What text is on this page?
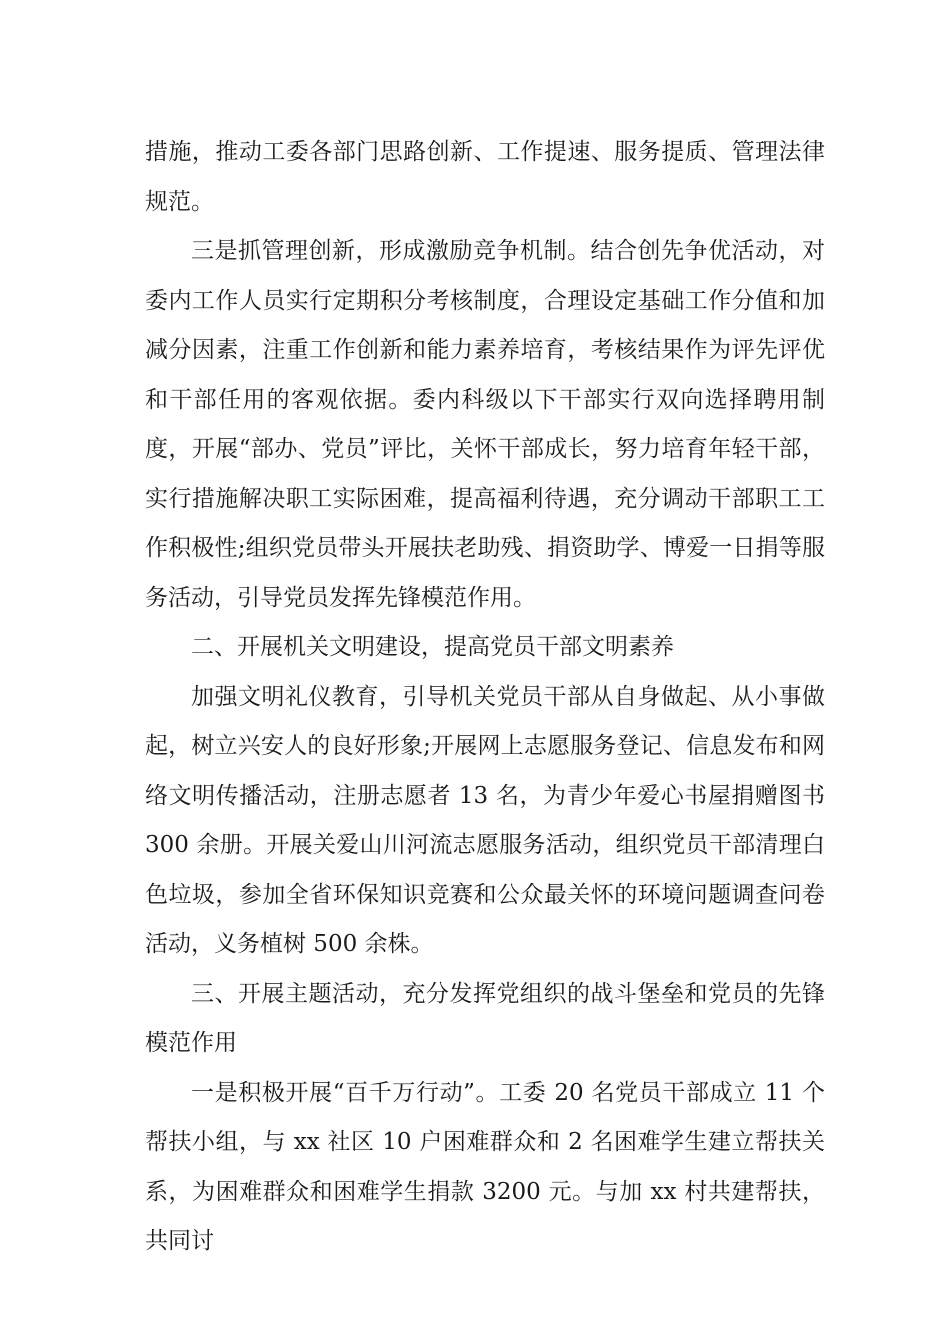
措施，推动工委各部门思路创新、工作提速、服务提质、管理法律规范。

三是抓管理创新，形成激励竞争机制。结合创先争优活动，对委内工作人员实行定期积分考核制度，合理设定基础工作分值和加减分因素，注重工作创新和能力素养培育，考核结果作为评先评优和干部任用的客观依据。委内科级以下干部实行双向选择聘用制度，开展“部办、党员”评比，关怀干部成长，努力培育年轻干部，实行措施解决职工实际困难，提高福利待遇，充分调动干部职工工作积极性;组织党员带头开展扶老助残、捐资助学、博爱一日捐等服务活动，引导党员发挥先锋模范作用。

二、开展机关文明建设，提高党员干部文明素养

加强文明礼仪教育，引导机关党员干部从自身做起、从小事做起，树立兴安人的良好形象;开展网上志愿服务登记、信息发布和网络文明传播活动，注册志愿者 13 名，为青少年爱心书屋捐赠图书 300 余册。开展关爱山川河流志愿服务活动，组织党员干部清理白色垃圾，参加全省环保知识竞赛和公众最关怀的环境问题调查问卷活动，义务植树 500 余株。

三、开展主题活动，充分发挥党组织的战斗堡垒和党员的先锋模范作用

一是积极开展“百千万行动”。工委 20 名党员干部成立 11 个帮扶小组，与 xx 社区 10 户困难群众和 2 名困难学生建立帮扶关系，为困难群众和困难学生捐款 3200 元。与加 xx 村共建帮扶，共同讨
